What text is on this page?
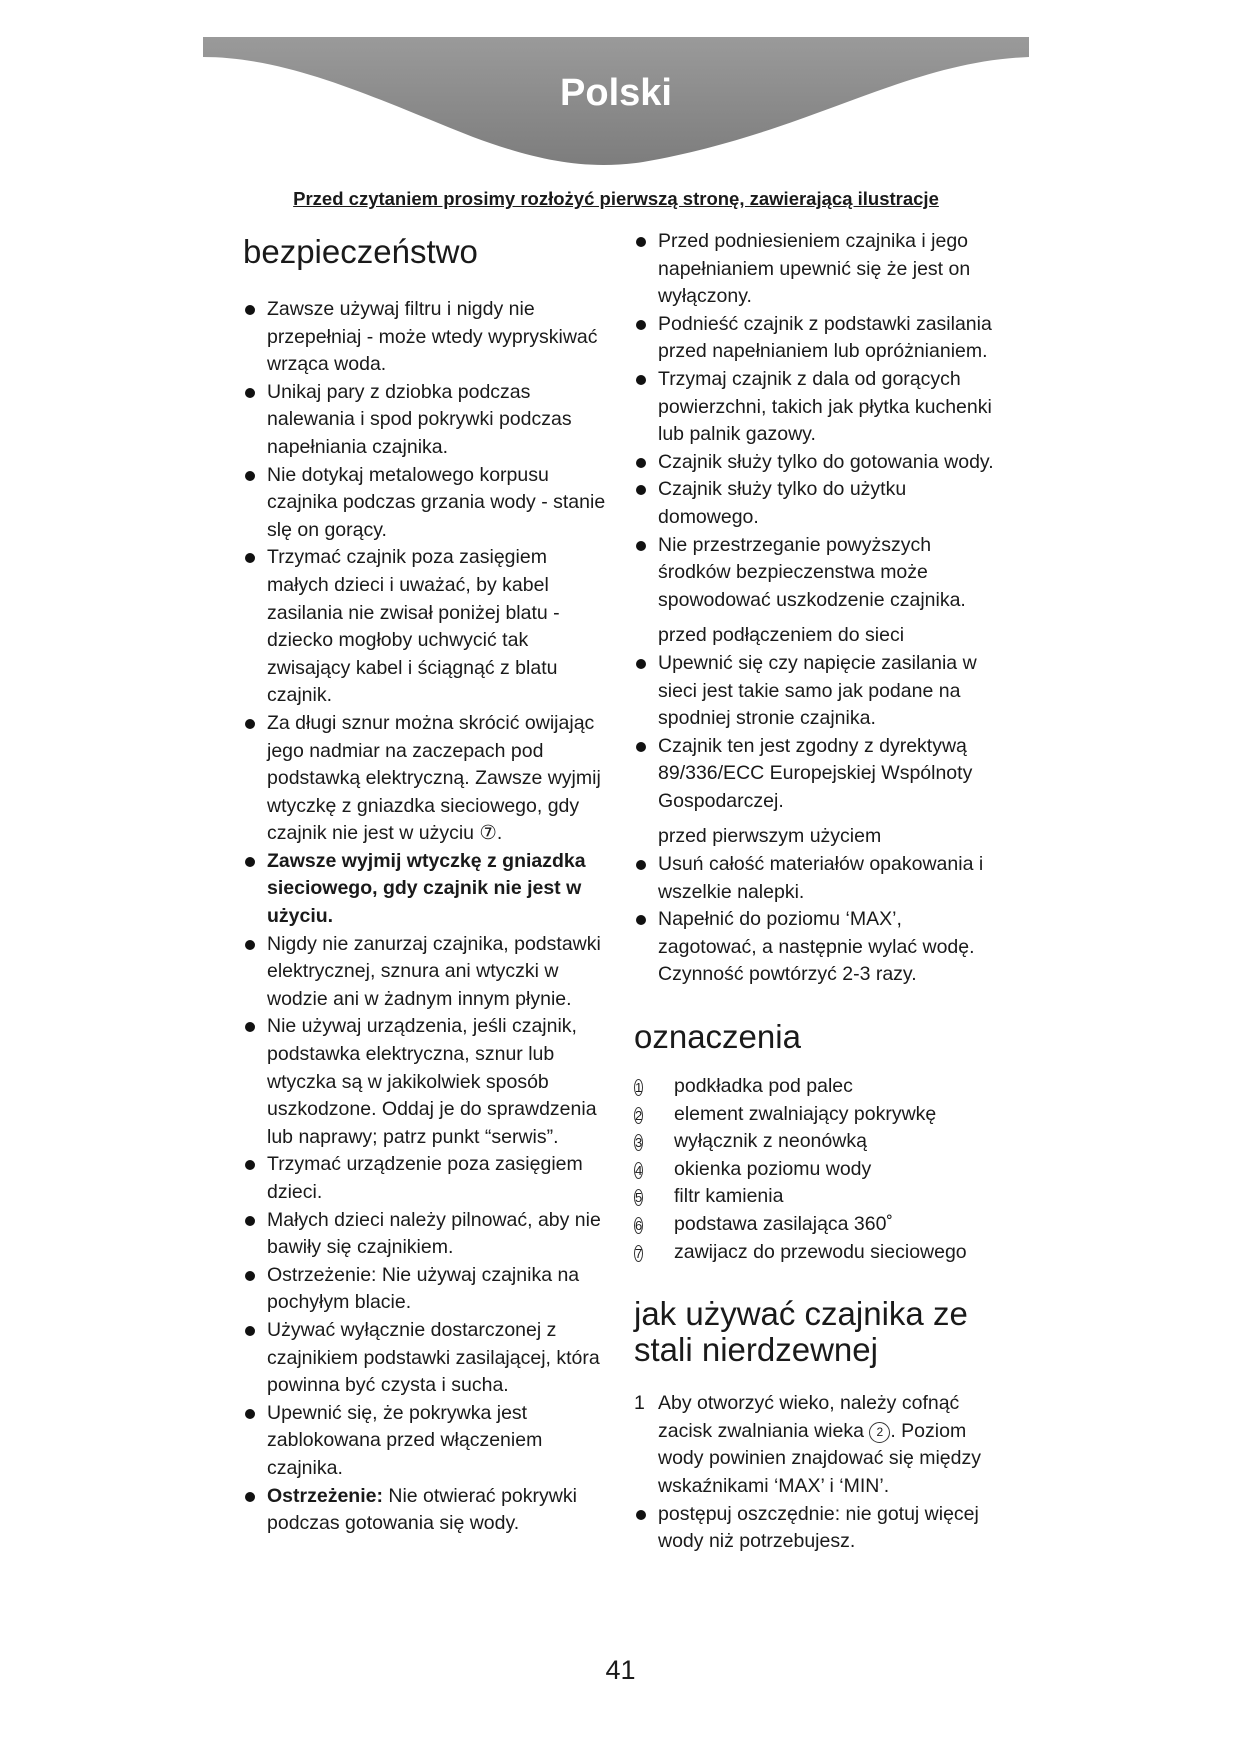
Polski
Przed czytaniem prosimy rozłożyć pierwszą stronę, zawierającą ilustracje
bezpieczeństwo
Zawsze używaj filtru i nigdy nie przepełniaj - może wtedy wypryskiwać wrząca woda.
Unikaj pary z dziobka podczas nalewania i spod pokrywki podczas napełniania czajnika.
Nie dotykaj metalowego korpusu czajnika podczas grzania wody - stanie slę on gorący.
Trzymać czajnik poza zasięgiem małych dzieci i uważać, by kabel zasilania nie zwisał poniżej blatu - dziecko mogłoby uchwycić tak zwisający kabel i ściągnąć z blatu czajnik.
Za długi sznur można skrócić owijając jego nadmiar na zaczepach pod podstawką elektryczną. Zawsze wyjmij wtyczkę z gniazdka sieciowego, gdy czajnik nie jest w użyciu ⑦.
Zawsze wyjmij wtyczkę z gniazdka sieciowego, gdy czajnik nie jest w użyciu.
Nigdy nie zanurzaj czajnika, podstawki elektrycznej, sznura ani wtyczki w wodzie ani w żadnym innym płynie.
Nie używaj urządzenia, jeśli czajnik, podstawka elektryczna, sznur lub wtyczka są w jakikolwiek sposób uszkodzone. Oddaj je do sprawdzenia lub naprawy; patrz punkt “serwis”.
Trzymać urządzenie poza zasięgiem dzieci.
Małych dzieci należy pilnować, aby nie bawiły się czajnikiem.
Ostrzeżenie: Nie używaj czajnika na pochyłym blacie.
Używać wyłącznie dostarczonej z czajnikiem podstawki zasilającej, która powinna być czysta i sucha.
Upewnić się, że pokrywka jest zablokowana przed włączeniem czajnika.
Ostrzeżenie: Nie otwierać pokrywki podczas gotowania się wody.
Przed podniesieniem czajnika i jego napełnianiem upewnić się że jest on wyłączony.
Podnieść czajnik z podstawki zasilania przed napełnianiem lub opróżnianiem.
Trzymaj czajnik z dala od gorących powierzchni, takich jak płytka kuchenki lub palnik gazowy.
Czajnik służy tylko do gotowania wody.
Czajnik służy tylko do użytku domowego.
Nie przestrzeganie powyższych środków bezpieczenstwa może spowodować uszkodzenie czajnika.
przed podłączeniem do sieci
Upewnić się czy napięcie zasilania w sieci jest takie samo jak podane na spodniej stronie czajnika.
Czajnik ten jest zgodny z dyrektywą 89/336/ECC Europejskiej Wspólnoty Gospodarczej.
przed pierwszym użyciem
Usuń całość materiałów opakowania i wszelkie nalepki.
Napełnić do poziomu ‘MAX’, zagotować, a następnie wylać wodę. Czynność powtórzyć 2-3 razy.
oznaczenia
1	podkładka pod palec
2	element zwalniający pokrywkę
3	wyłącznik z neonówką
4	okienka poziomu wody
5	filtr kamienia
6	podstawa zasilająca 360˚
7	zawijacz do przewodu sieciowego
jak używać czajnika ze stali nierdzewnej
1 Aby otworzyć wieko, należy cofnąć zacisk zwalniania wieka 2 . Poziom wody powinien znajdować się między wskaźnikami ‘MAX’ i ‘MIN’.
postępuj oszczędnie: nie gotuj więcej wody niż potrzebujesz.
41
